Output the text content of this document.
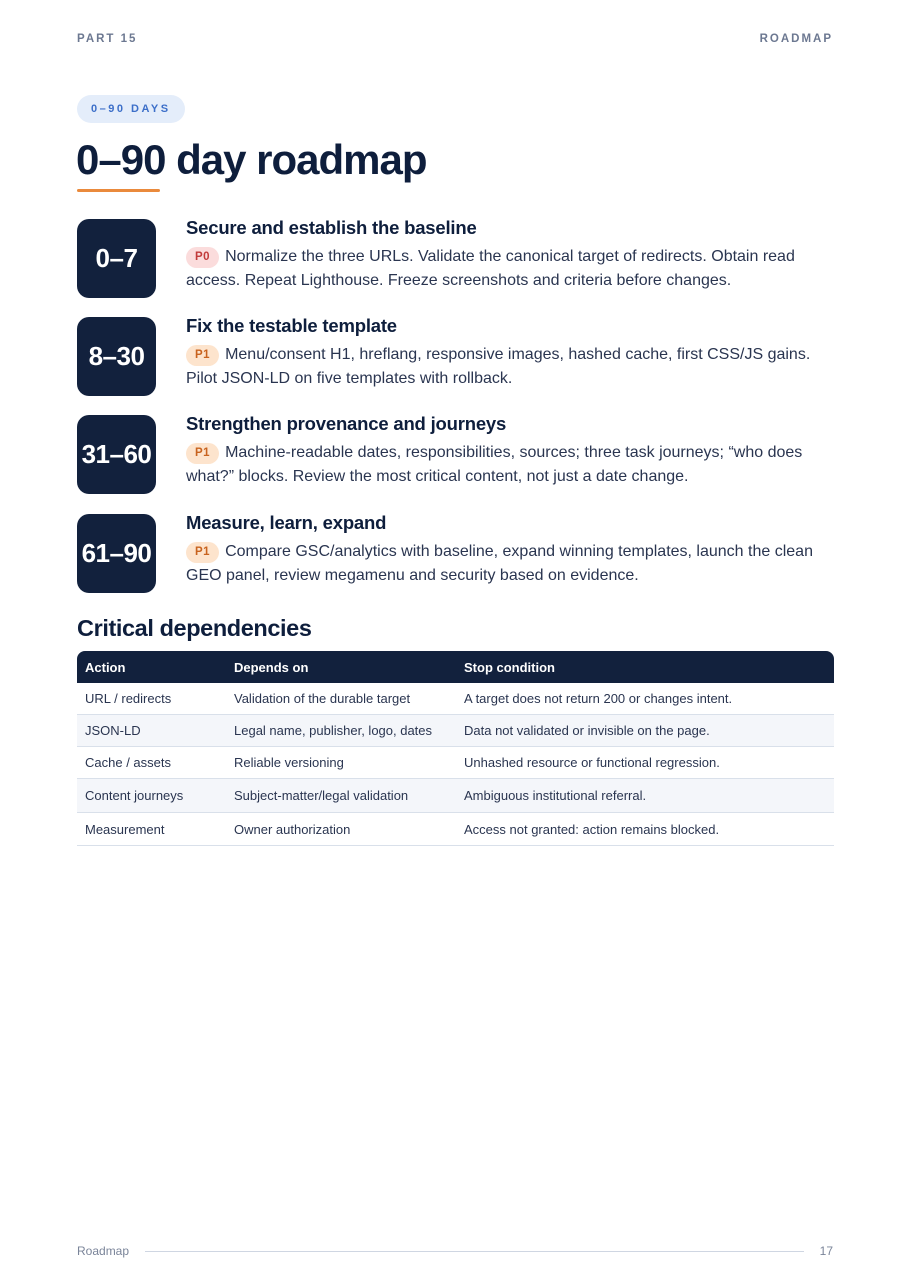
PART 15	ROADMAP
0–90 DAYS
0–90 day roadmap
0–7
Secure and establish the baseline

P0 Normalize the three URLs. Validate the canonical target of redirects. Obtain read access. Repeat Lighthouse. Freeze screenshots and criteria before changes.

8–30
Fix the testable template

P1 Menu/consent H1, hreflang, responsive images, hashed cache, first CSS/JS gains. Pilot JSON-LD on five templates with rollback.

31–60
Strengthen provenance and journeys

P1 Machine-readable dates, responsibilities, sources; three task journeys; “who does what?” blocks. Review the most critical content, not just a date change.

61–90
Measure, learn, expand

P1 Compare GSC/analytics with baseline, expand winning templates, launch the clean GEO panel, review megamenu and security based on evidence.

Critical dependencies
Action	Depends on	Stop condition
URL / redirects	Validation of the durable target	A target does not return 200 or changes intent.
JSON-LD	Legal name, publisher, logo, dates	Data not validated or invisible on the page.
Cache / assets	Reliable versioning	Unhashed resource or functional regression.
Content journeys	Subject-matter/legal validation	Ambiguous institutional referral.
Measurement	Owner authorization	Access not granted: action remains blocked.
Roadmap	17
